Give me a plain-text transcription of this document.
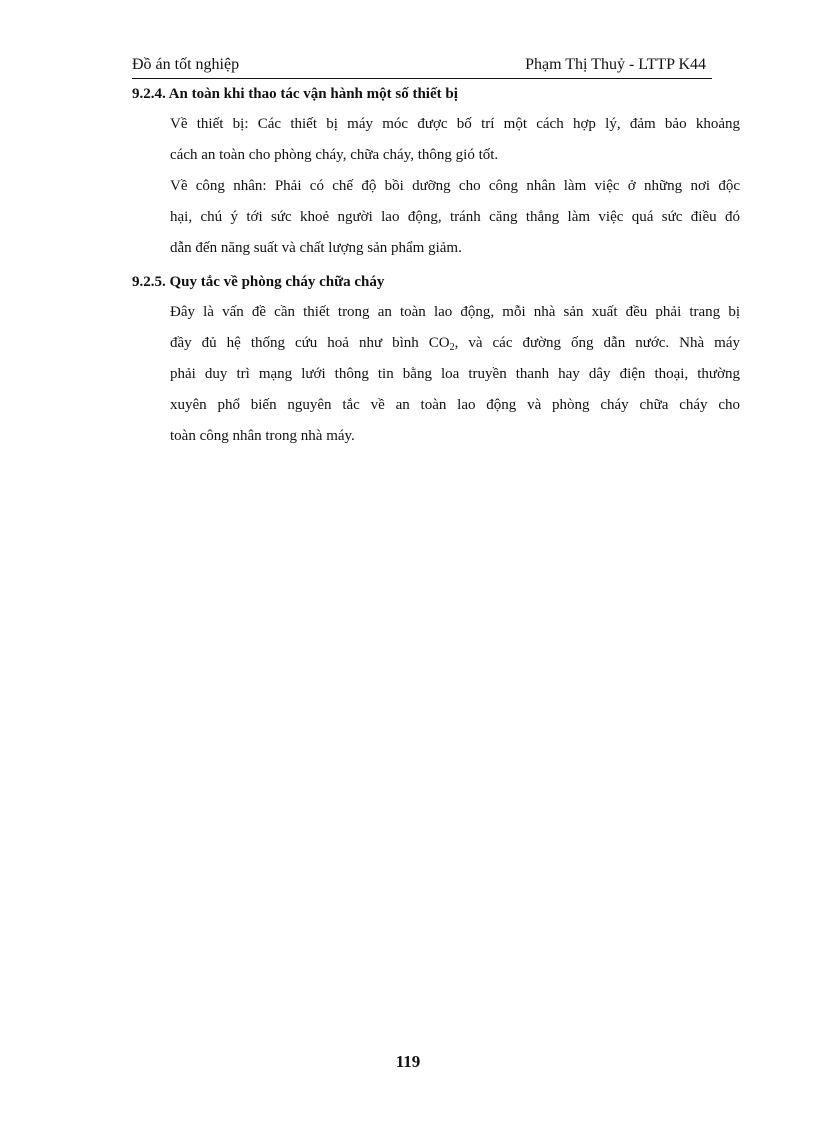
Đồ án tốt nghiệp	Phạm Thị Thuỷ - LTTP K44
9.2.4. An toàn khi thao tác vận hành một số thiết bị
Về thiết bị: Các thiết bị máy móc được bố trí một cách hợp lý, đảm bảo khoảng
cách an toàn cho phòng cháy, chữa cháy, thông gió tốt.
Về công nhân: Phải có chế độ bồi dưỡng cho công nhân làm việc ở những nơi độc
hại, chú ý tới sức khoẻ người lao động, tránh căng thẳng làm việc quá sức điều đó
dẫn đến năng suất và chất lượng sản phẩm giảm.
9.2.5. Quy tắc về phòng cháy chữa cháy
Đây là vấn đề cần thiết trong an toàn lao động, mỗi nhà sản xuất đều phải trang bị
đầy đủ hệ thống cứu hoả như bình $CO_2$, và các đường ống dẫn nước. Nhà máy
phải duy trì mạng lưới thông tin bằng loa truyền thanh hay dây điện thoại, thường
xuyên phổ biến nguyên tắc về an toàn lao động và phòng cháy chữa cháy cho
toàn công nhân trong nhà máy.
119
